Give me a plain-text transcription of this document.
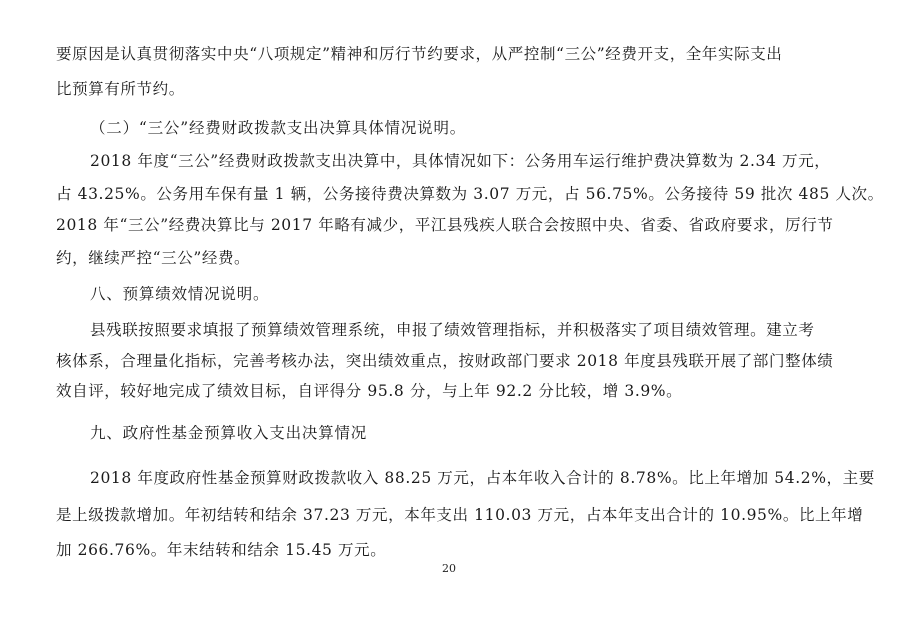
要原因是认真贯彻落实中央“八项规定”精神和厉行节约要求，从严控制“三公”经费开支，全年实际支出
比预算有所节约。
（二）“三公”经费财政拨款支出决算具体情况说明。
2018 年度“三公”经费财政拨款支出决算中，具体情况如下：公务用车运行维护费决算数为 2.34 万元，
占 43.25%。公务用车保有量 1 辆，公务接待费决算数为 3.07 万元，占 56.75%。公务接待 59 批次 485 人次。
2018 年“三公”经费决算比与 2017 年略有减少，平江县残疾人联合会按照中央、省委、省政府要求，厉行节
约，继续严控“三公”经费。
八、预算绩效情况说明。
县残联按照要求填报了预算绩效管理系统，申报了绩效管理指标，并积极落实了项目绩效管理。建立考
核体系，合理量化指标，完善考核办法，突出绩效重点，按财政部门要求 2018 年度县残联开展了部门整体绩
效自评，较好地完成了绩效目标，自评得分 95.8 分，与上年 92.2 分比较，增 3.9%。
九、政府性基金预算收入支出决算情况
2018 年度政府性基金预算财政拨款收入 88.25 万元，占本年收入合计的 8.78%。比上年增加 54.2%，主要
是上级拨款增加。年初结转和结余 37.23 万元，本年支出 110.03 万元，占本年支出合计的 10.95%。比上年增
加 266.76%。年末结转和结余 15.45 万元。
20
